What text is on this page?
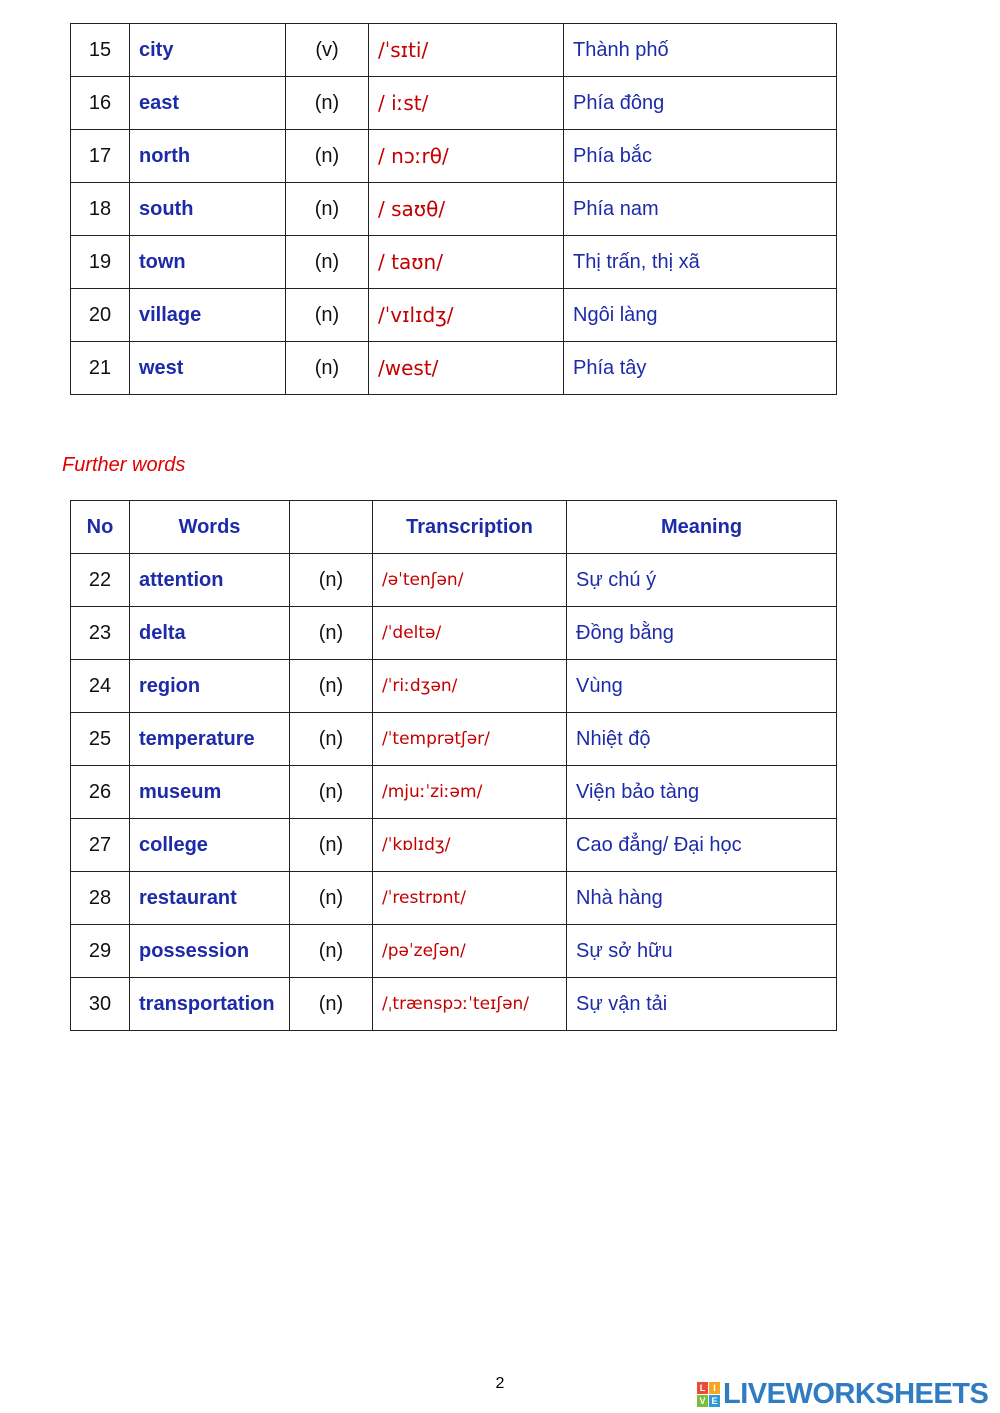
15	city	(v)	/ˈsɪti/	Thành phố
16	east	(n)	/ iːst/	Phía đông
17	north	(n)	/ nɔːrθ/	Phía bắc
18	south	(n)	/ saʊθ/	Phía nam
19	town	(n)	/ taʊn/	Thị trấn, thị xã
20	village	(n)	/ˈvɪlɪdʒ/	Ngôi làng
21	west	(n)	/west/	Phía tây
Further words
No	Words		Transcription	Meaning
22	attention	(n)	/əˈtenʃən/	Sự chú ý
23	delta	(n)	/ˈdeltə/	Đồng bằng
24	region	(n)	/ˈriːdʒən/	Vùng
25	temperature	(n)	/ˈtemprətʃər/	Nhiệt độ
26	museum	(n)	/mjuːˈziːəm/	Viện bảo tàng
27	college	(n)	/ˈkɒlɪdʒ/	Cao đẳng/ Đại học
28	restaurant	(n)	/ˈrestrɒnt/	Nhà hàng
29	possession	(n)	/pəˈzeʃən/	Sự sở hữu
30	transportation	(n)	/ˌtrænspɔːˈteɪʃən/	Sự vận tải
2	L I
V E LIVEWORKSHEETS
